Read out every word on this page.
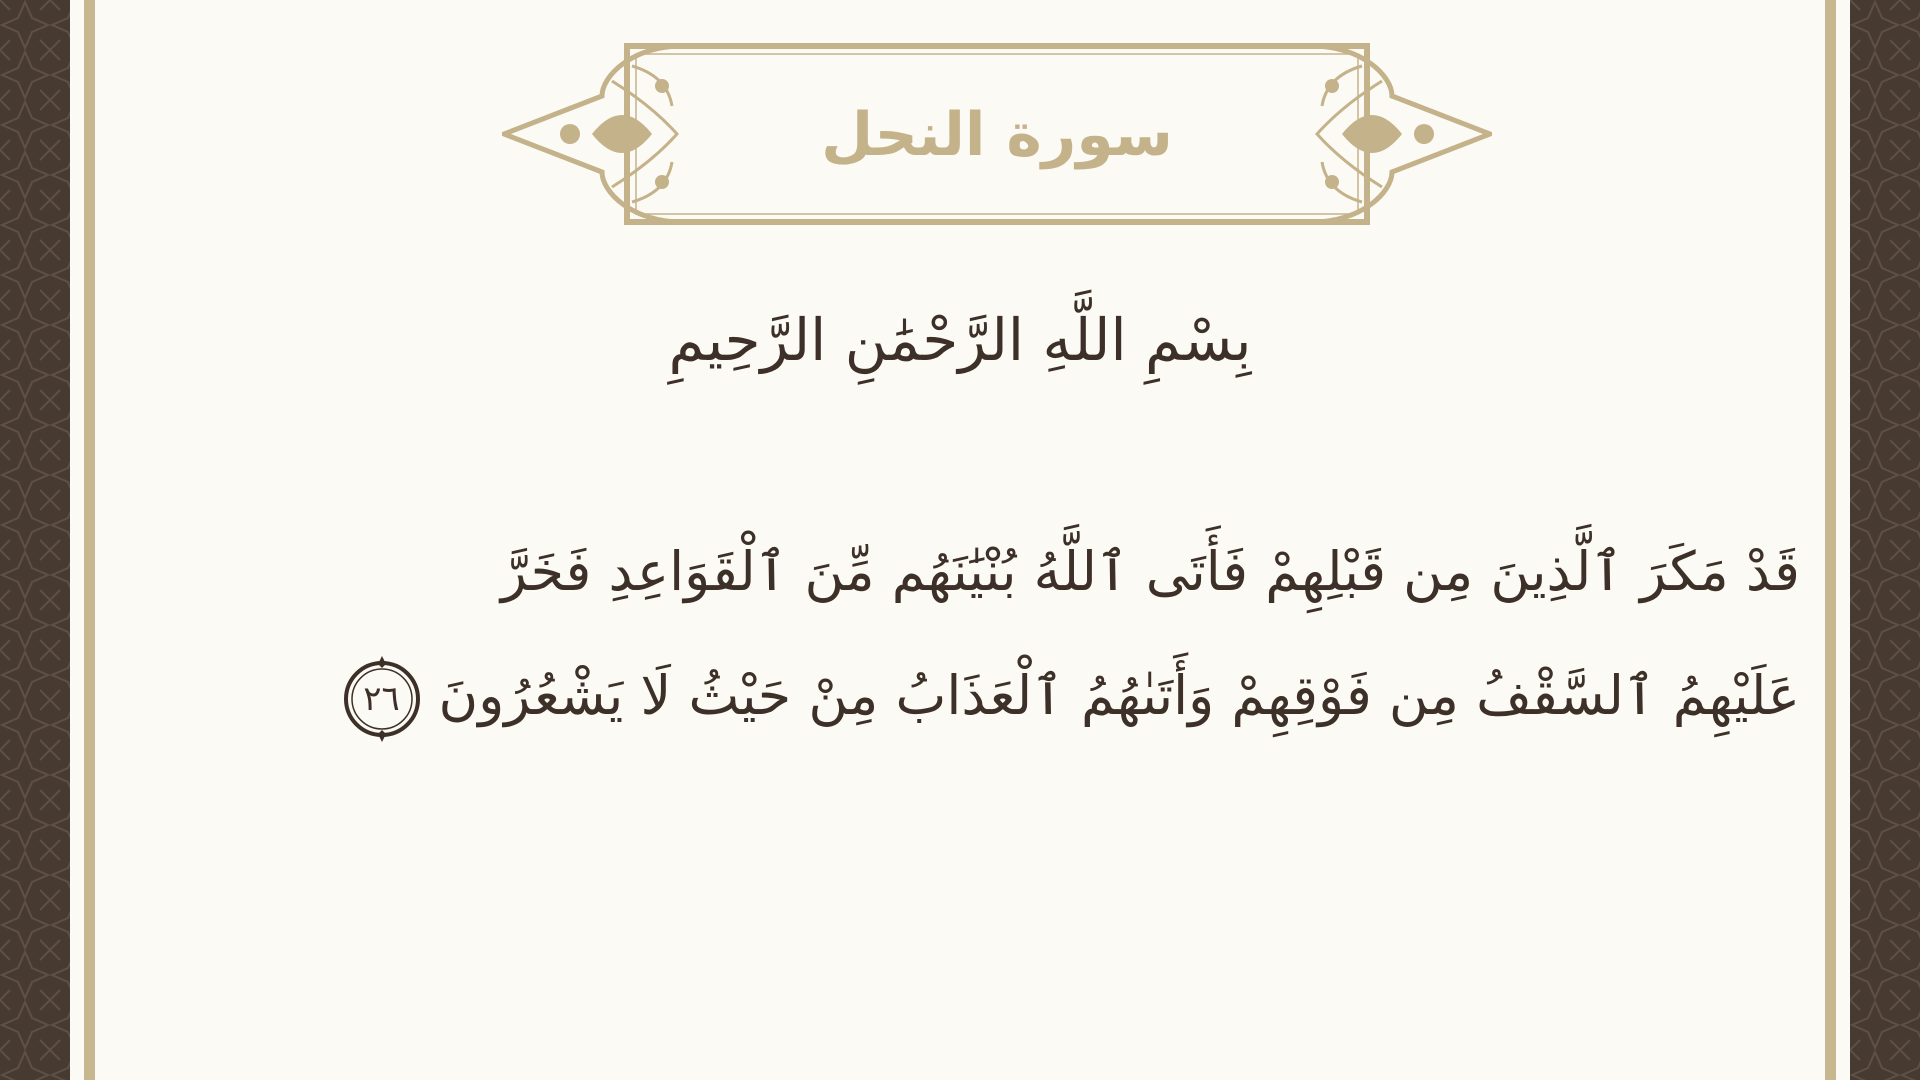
سورة النحل
بِسْمِ اللَّهِ الرَّحْمَٰنِ الرَّحِيمِ
قَدْ مَكَرَ ٱلَّذِينَ مِن قَبْلِهِمْ فَأَتَى ٱللَّهُ بُنْيَٰنَهُم مِّنَ ٱلْقَوَاعِدِ فَخَرَّ
عَلَيْهِمُ ٱلسَّقْفُ مِن فَوْقِهِمْ وَأَتَىٰهُمُ ٱلْعَذَابُ مِنْ حَيْثُ لَا يَشْعُرُونَ
٢٦
